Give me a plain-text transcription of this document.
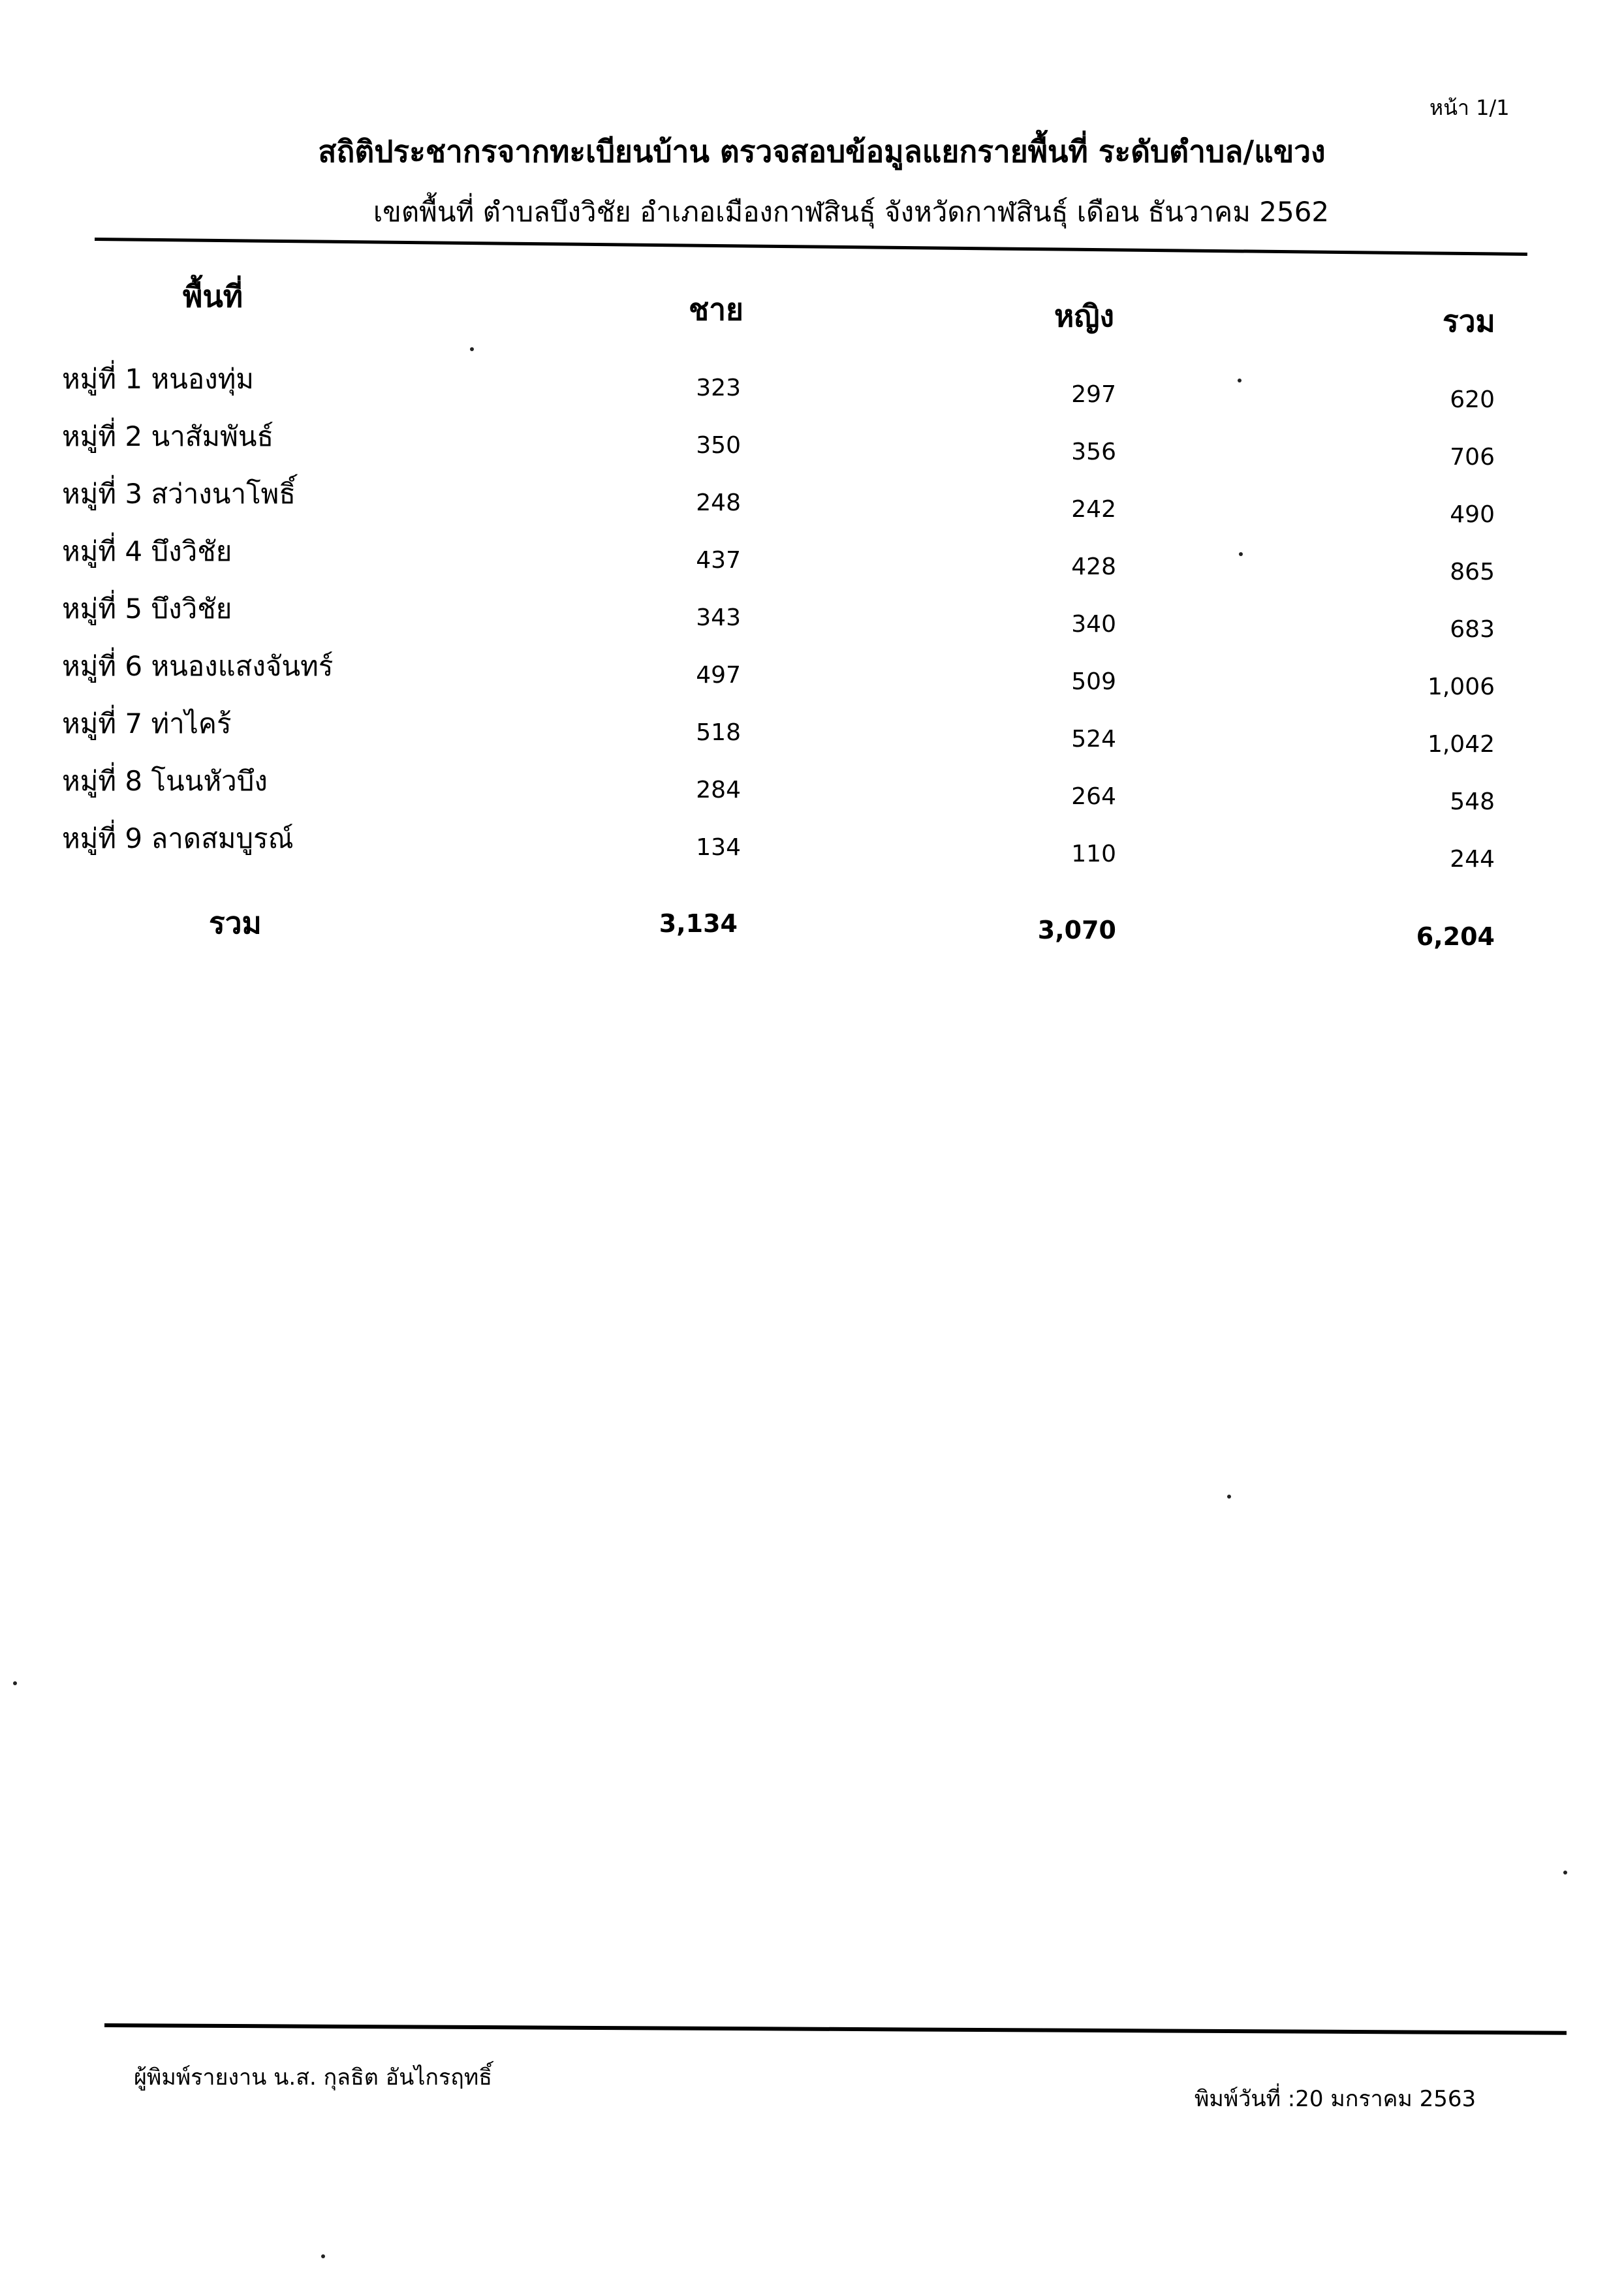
หน้า 1/1
สถิติประชากรจากทะเบียนบ้าน ตรวจสอบข้อมูลแยกรายพื้นที่ ระดับตำบล/แขวง
เขตพื้นที่ ตำบลบึงวิชัย อำเภอเมืองกาฬสินธุ์ จังหวัดกาฬสินธุ์ เดือน ธันวาคม 2562
พื้นที่	ชาย	หญิง	รวม
หมู่ที่ 1 หนองทุ่ม	323	297	620
หมู่ที่ 2 นาสัมพันธ์	350	356	706
หมู่ที่ 3 สว่างนาโพธิ์	248	242	490
หมู่ที่ 4 บึงวิชัย	437	428	865
หมู่ที่ 5 บึงวิชัย	343	340	683
หมู่ที่ 6 หนองแสงจันทร์	497	509	1,006
หมู่ที่ 7 ท่าไคร้	518	524	1,042
หมู่ที่ 8 โนนหัวบึง	284	264	548
หมู่ที่ 9 ลาดสมบูรณ์	134	110	244
รวม	3,134	3,070	6,204
ผู้พิมพ์รายงาน น.ส. กุลธิต อันไกรฤทธิ์
พิมพ์วันที่ :20 มกราคม 2563
